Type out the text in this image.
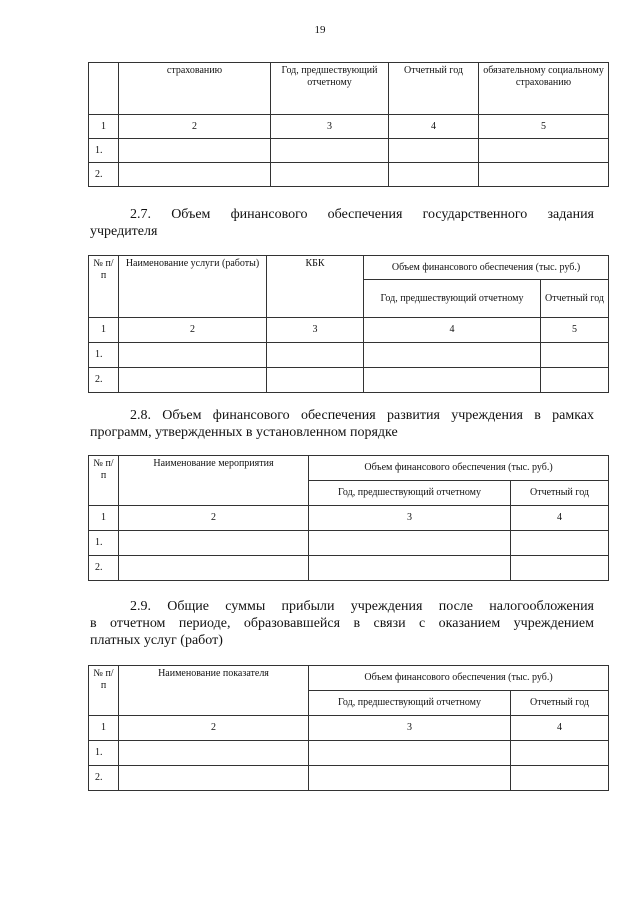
19
	страхованию	Год, предшествующий отчетному	Отчетный год	обязательному социальному страхованию
1	2	3	4	5
1.				
2.				
2.7. Объем финансового обеспечения государственного задания
учредителя
№ п/п	Наименование услуги (работы)	КБК	Объем финансового обеспечения (тыс. руб.)	
			Год, предшествующий отчетному	Отчетный год
1	2	3	4	5
1.				
2.				
2.8. Объем финансового обеспечения развития учреждения в рамках
программ, утвержденных в установленном порядке
№ п/п	Наименование мероприятия	Объем финансового обеспечения (тыс. руб.)	
		Год, предшествующий отчетному	Отчетный год
1	2	3	4
1.			
2.			
2.9. Общие суммы прибыли учреждения после налогообложения
в отчетном периоде, образовавшейся в связи с оказанием учреждением
платных услуг (работ)
№ п/п	Наименование показателя	Объем финансового обеспечения (тыс. руб.)	
		Год, предшествующий отчетному	Отчетный год
1	2	3	4
1.			
2.			
